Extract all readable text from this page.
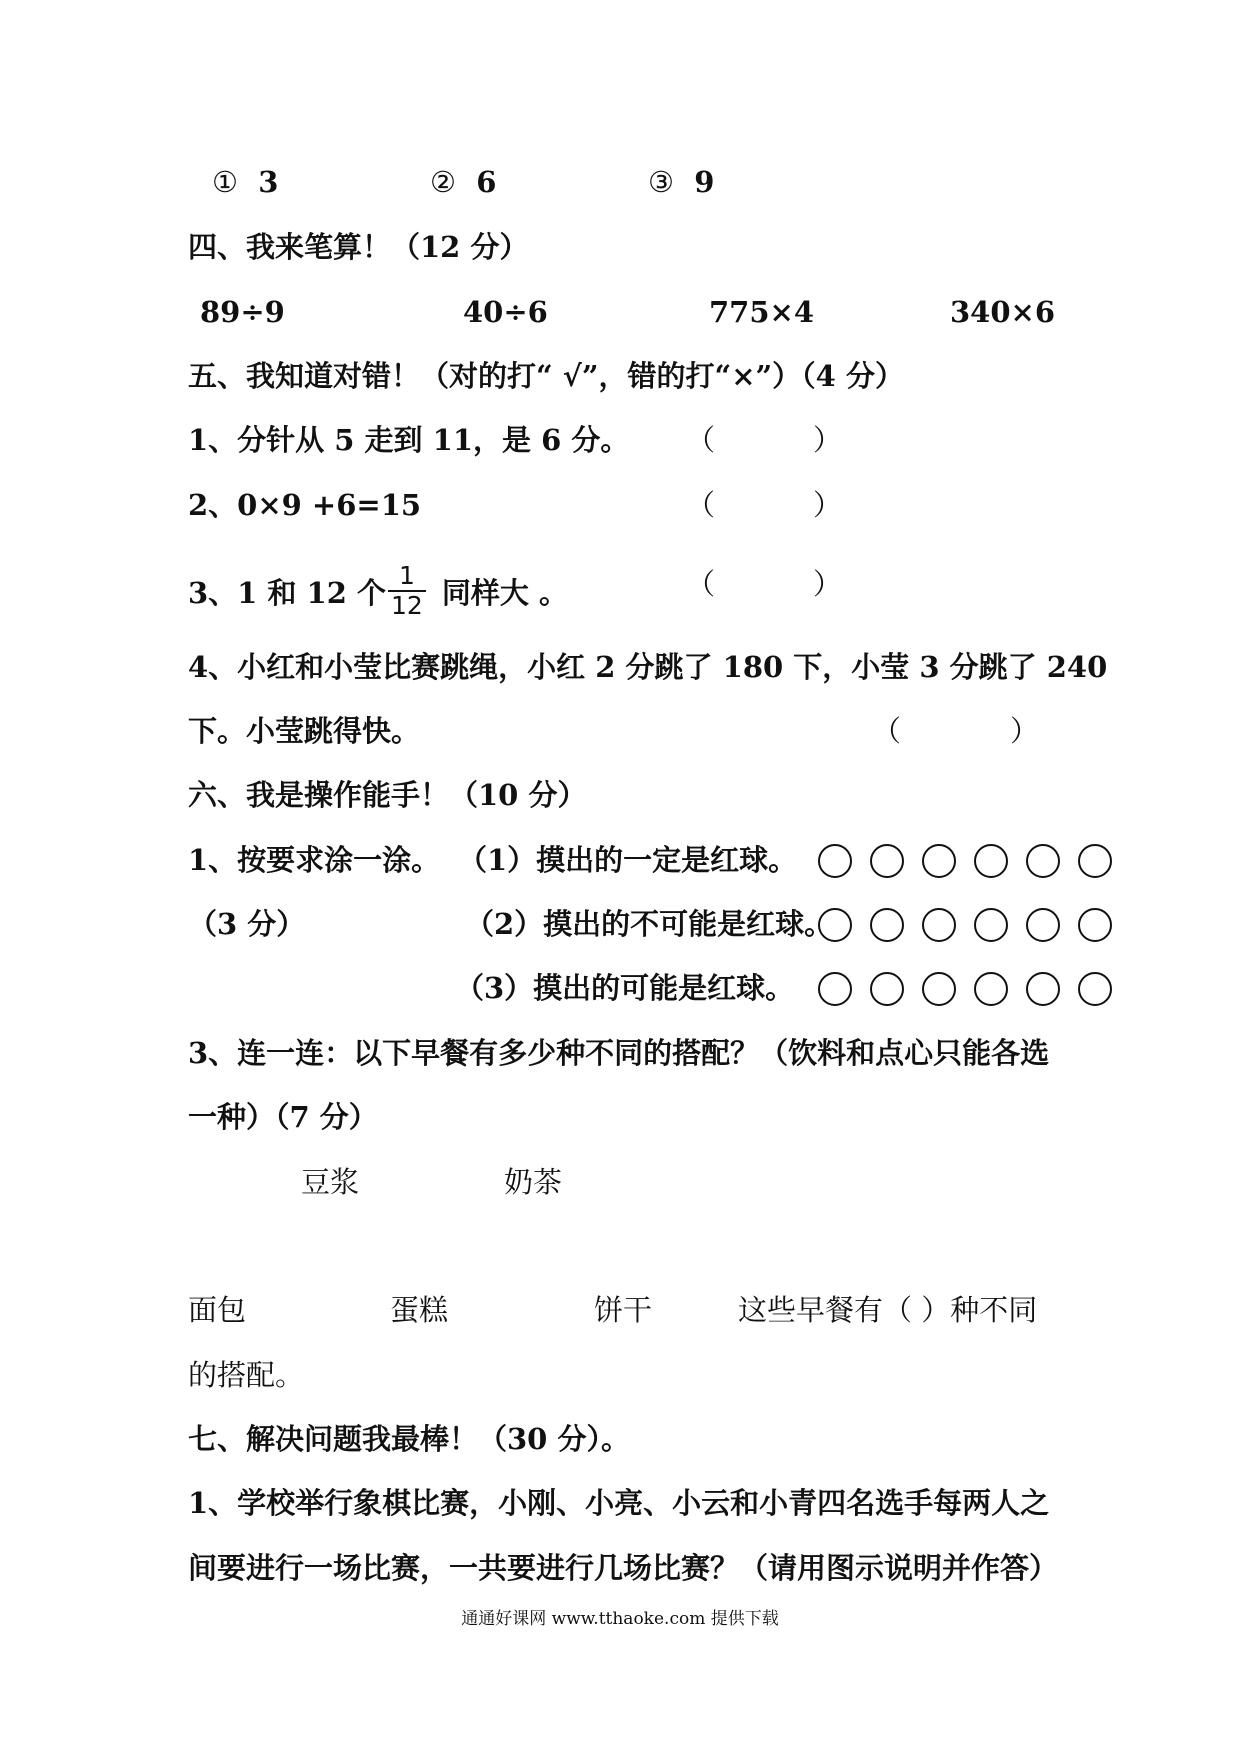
① 3	② 6	③ 9
四、我来笔算！（12 分）
89÷9	40÷6	775×4	340×6
五、我知道对错！（对的打“ √”，错的打“×”）（4 分）
1、分针从 5 走到 11，是 6 分。 （	）
2、0×9 +6=15	（	）
3、1 和 12 个 $\frac{1}{12}$ 同样大 。	（	）
4、小红和小莹比赛跳绳，小红 2 分跳了 180 下，小莹 3 分跳了 240
下。小莹跳得快。	（	）
六、我是操作能手！（10 分）
1、按要求涂一涂。 （1）摸出的一定是红球。
（3 分）	（2）摸出的不可能是红球。
（3）摸出的可能是红球。
3、连一连：以下早餐有多少种不同的搭配？（饮料和点心只能各选
一种）（7 分）
豆浆	奶茶
面包	蛋糕	饼干	这些早餐有（ ）种不同
的搭配。
七、解决问题我最棒！（30 分）。
1、学校举行象棋比赛，小刚、小亮、小云和小青四名选手每两人之
间要进行一场比赛，一共要进行几场比赛？（请用图示说明并作答）
通通好课网 www.tthaoke.com 提供下载
